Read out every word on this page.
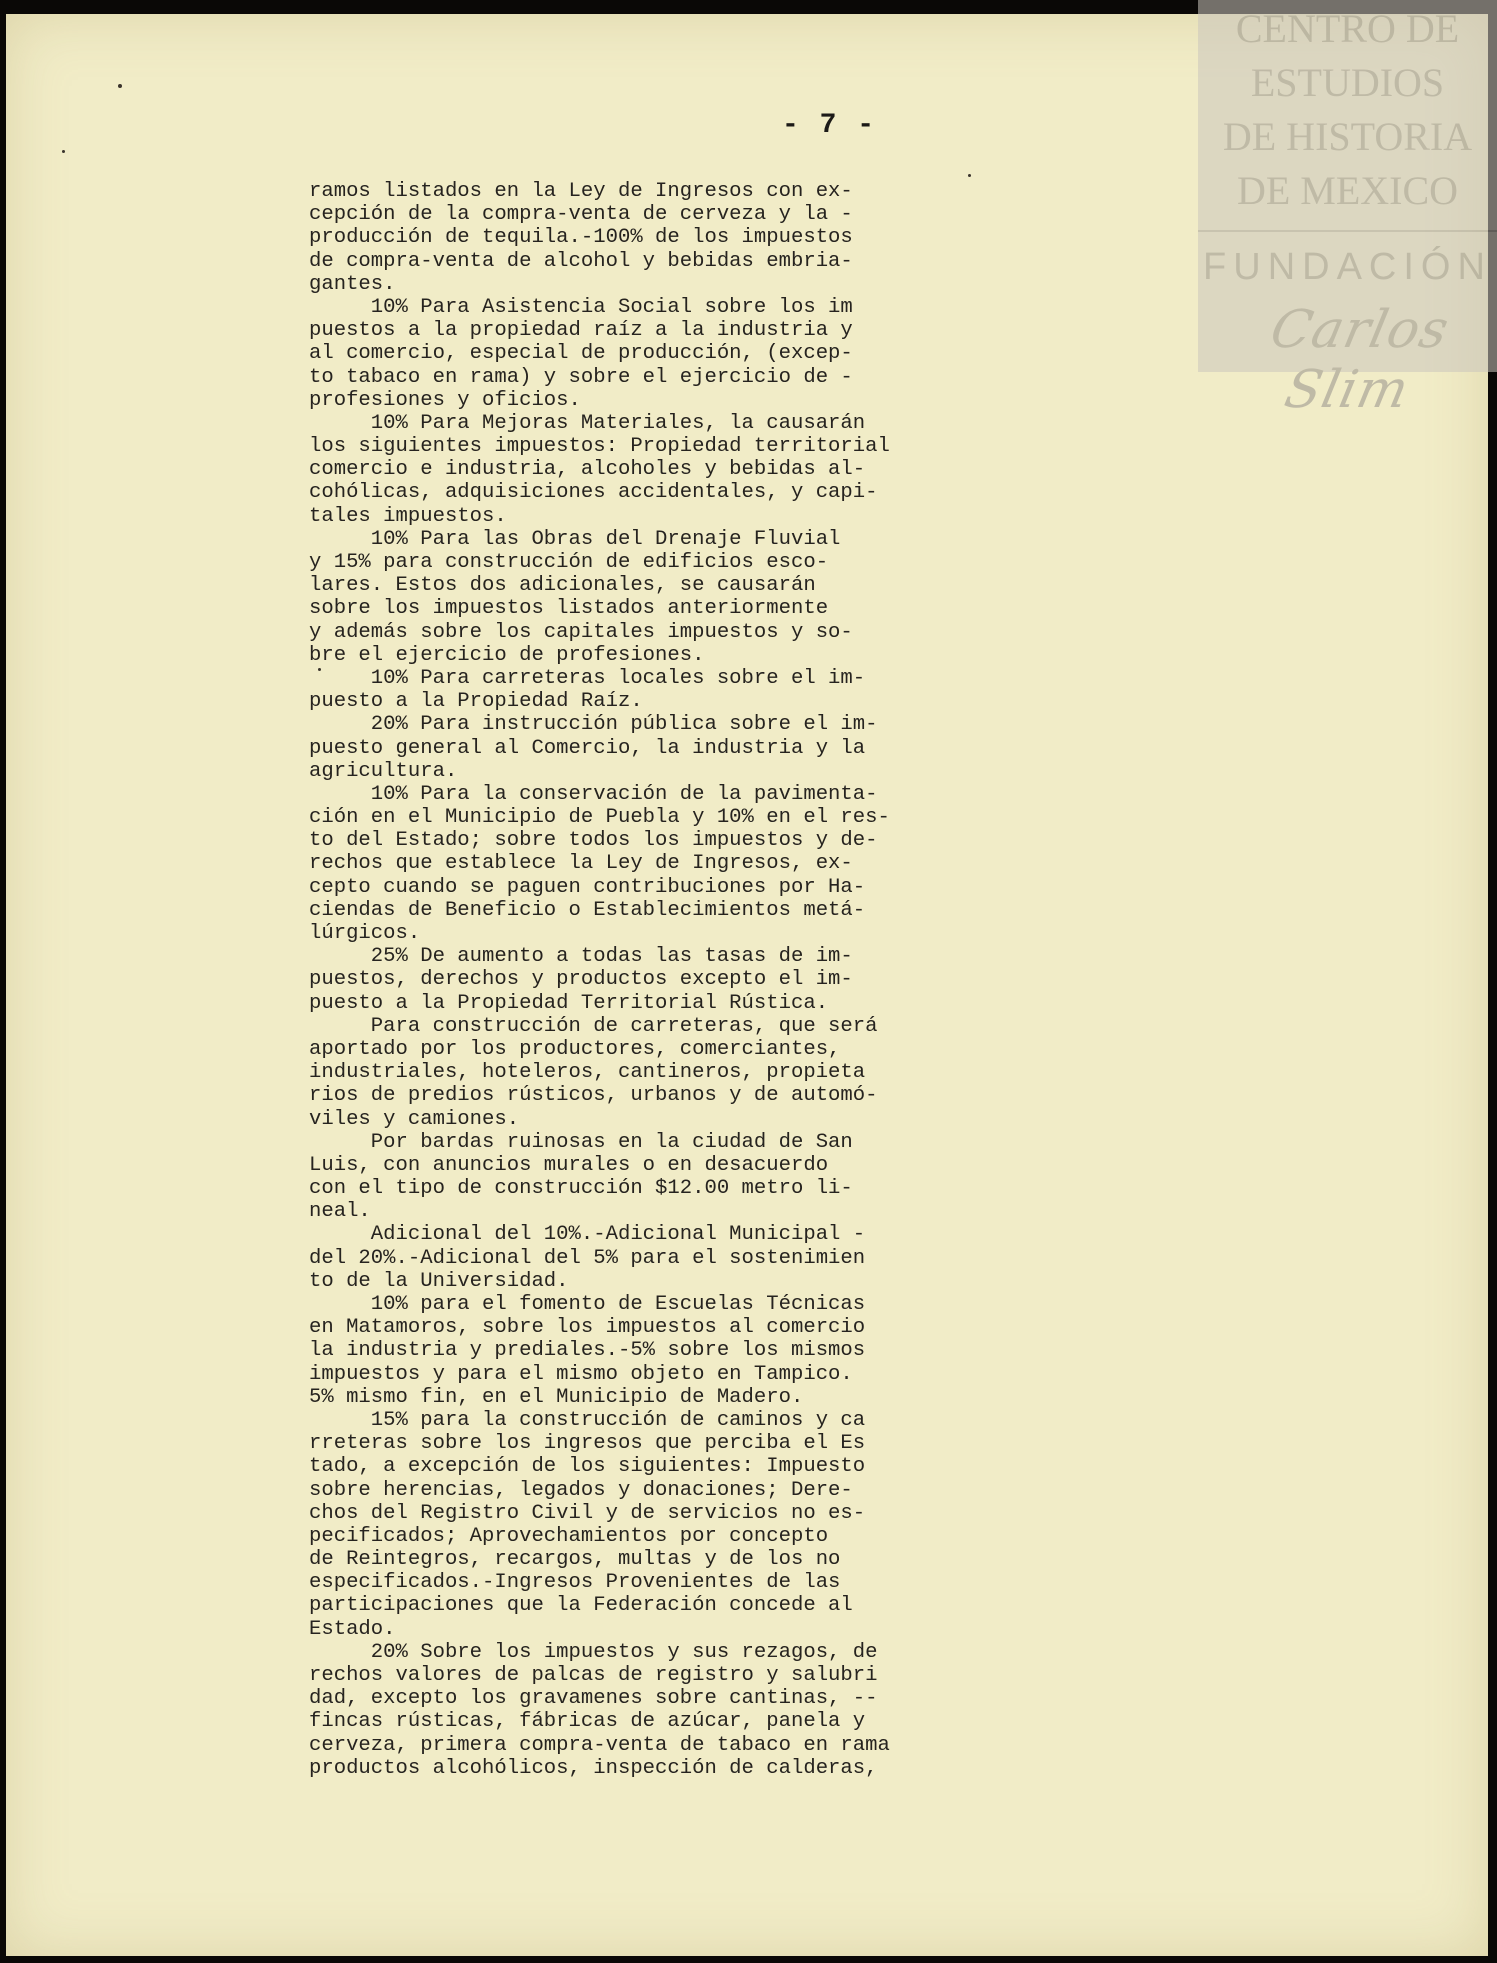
- 7 -
ramos listados en la Ley de Ingresos con ex-
cepción de la compra-venta de cerveza y la -
producción de tequila.-100% de los impuestos
de compra-venta de alcohol y bebidas embria-
gantes.
10% Para Asistencia Social sobre los im
puestos a la propiedad raíz a la industria y
al comercio, especial de producción, (excep-
to tabaco en rama) y sobre el ejercicio de -
profesiones y oficios.
10% Para Mejoras Materiales, la causarán
los siguientes impuestos: Propiedad territorial
comercio e industria, alcoholes y bebidas al-
cohólicas, adquisiciones accidentales, y capi-
tales impuestos.
10% Para las Obras del Drenaje Fluvial
y 15% para construcción de edificios esco-
lares. Estos dos adicionales, se causarán
sobre los impuestos listados anteriormente
y además sobre los capitales impuestos y so-
bre el ejercicio de profesiones.
10% Para carreteras locales sobre el im-
puesto a la Propiedad Raíz.
20% Para instrucción pública sobre el im-
puesto general al Comercio, la industria y la
agricultura.
10% Para la conservación de la pavimenta-
ción en el Municipio de Puebla y 10% en el res-
to del Estado; sobre todos los impuestos y de-
rechos que establece la Ley de Ingresos, ex-
cepto cuando se paguen contribuciones por Ha-
ciendas de Beneficio o Establecimientos metá-
lúrgicos.
25% De aumento a todas las tasas de im-
puestos, derechos y productos excepto el im-
puesto a la Propiedad Territorial Rústica.
Para construcción de carreteras, que será
aportado por los productores, comerciantes,
industriales, hoteleros, cantineros, propieta
rios de predios rústicos, urbanos y de automó-
viles y camiones.
Por bardas ruinosas en la ciudad de San
Luis, con anuncios murales o en desacuerdo
con el tipo de construcción $12.00 metro li-
neal.
Adicional del 10%.-Adicional Municipal -
del 20%.-Adicional del 5% para el sostenimien
to de la Universidad.
10% para el fomento de Escuelas Técnicas
en Matamoros, sobre los impuestos al comercio
la industria y prediales.-5% sobre los mismos
impuestos y para el mismo objeto en Tampico.
5% mismo fin, en el Municipio de Madero.
15% para la construcción de caminos y ca
rreteras sobre los ingresos que perciba el Es
tado, a excepción de los siguientes: Impuesto
sobre herencias, legados y donaciones; Dere-
chos del Registro Civil y de servicios no es-
pecificados; Aprovechamientos por concepto
de Reintegros, recargos, multas y de los no
especificados.-Ingresos Provenientes de las
participaciones que la Federación concede al
Estado.
20% Sobre los impuestos y sus rezagos, de
rechos valores de palcas de registro y salubri
dad, excepto los gravamenes sobre cantinas, --
fincas rústicas, fábricas de azúcar, panela y
cerveza, primera compra-venta de tabaco en rama
productos alcohólicos, inspección de calderas,
CENTRO DE
ESTUDIOS
DE HISTORIA
DE MEXICO
FUNDACIÓN
Carlos Slim
